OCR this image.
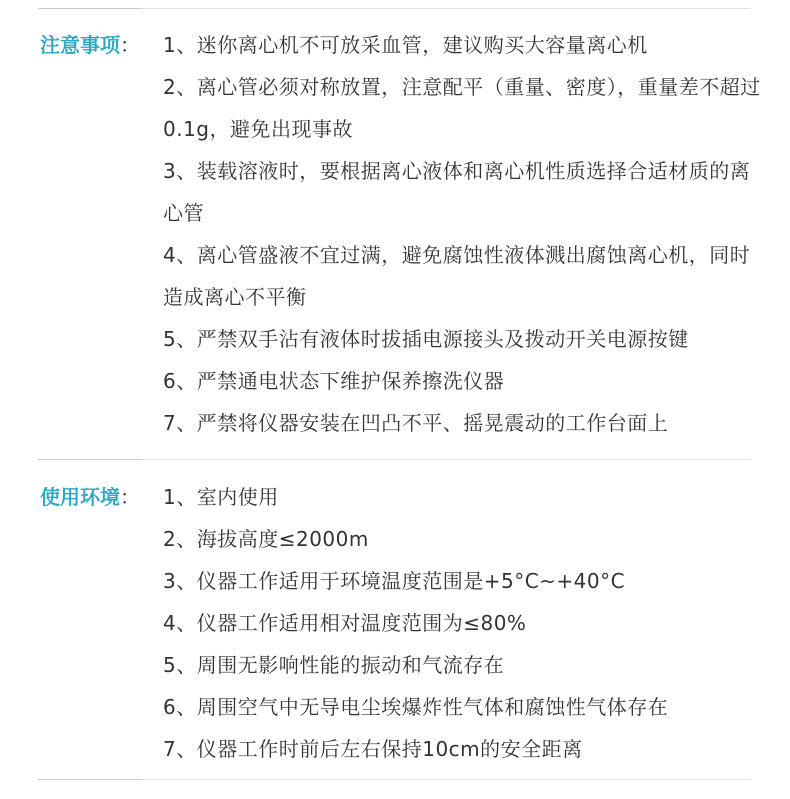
注意事项： 1、迷你离心机不可放采血管，建议购买大容量离心机
2、离心管必须对称放置，注意配平（重量、密度），重量差不超过 0.1g，避免出现事故
3、装载溶液时，要根据离心液体和离心机性质选择合适材质的离心管
4、离心管盛液不宜过满，避免腐蚀性液体溅出腐蚀离心机，同时造成离心不平衡
5、严禁双手沾有液体时拔插电源接头及拨动开关电源按键
6、严禁通电状态下维护保养擦洗仪器
7、严禁将仪器安装在凹凸不平、摇晃震动的工作台面上
使用环境： 1、室内使用
2、海拔高度≤2000m
3、仪器工作适用于环境温度范围是+5°C~+40°C
4、仪器工作适用相对温度范围为≤80%
5、周围无影响性能的振动和气流存在
6、周围空气中无导电尘埃爆炸性气体和腐蚀性气体存在
7、仪器工作时前后左右保持10cm的安全距离
